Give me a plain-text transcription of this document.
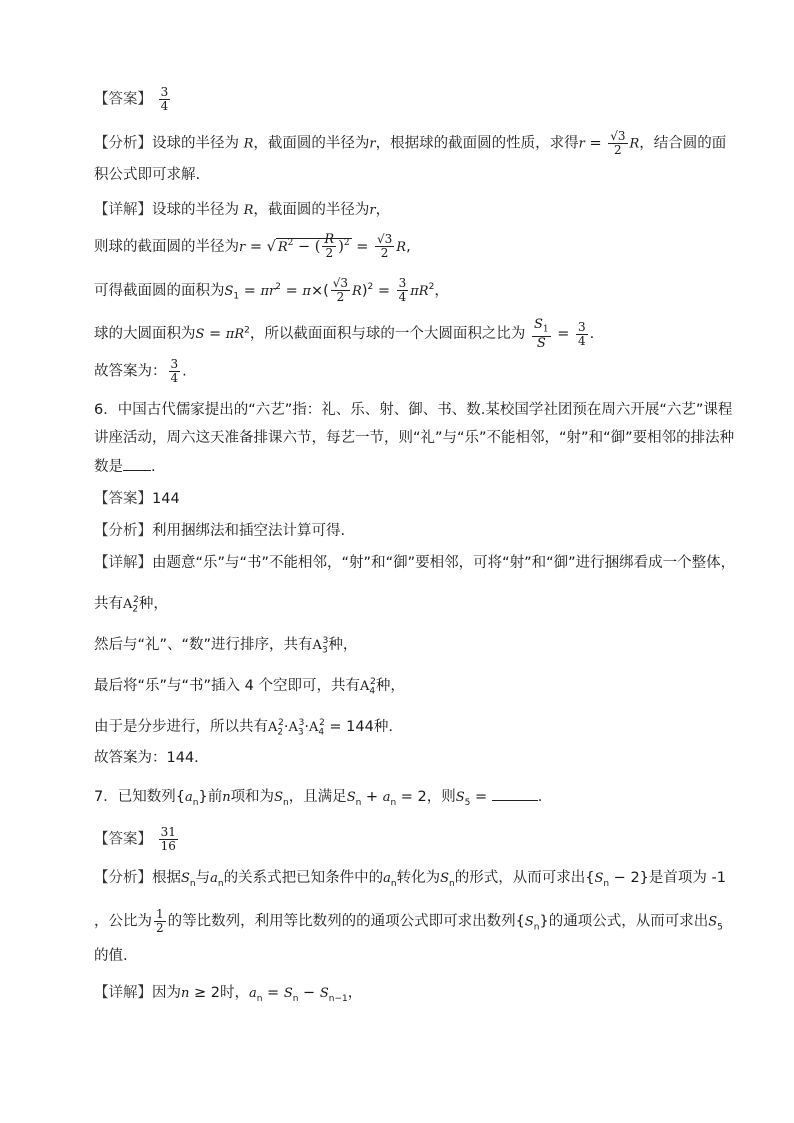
【答案】 $\frac{3}{4}$
【分析】设球的半径为 R，截面圆的半径为r，根据球的截面圆的性质，求得$r = \frac{√3}{2}$ R，结合圆的面
积公式即可求解.
【详解】设球的半径为 R，截面圆的半径为r，
则球的截面圆的半径为r = √ $R^2$ − ( $\frac{R}{2} )^2 = \frac{√3}{2} R$,
可得截面圆的面积为$S_1 = \pi r^2 = \pi\times( \frac{√3}{2} R)^2 = \frac{3}{4} \pi R^2$，
球的大圆面积为$S = \pi R^2$，所以截面面积与球的一个大圆面积之比为 $\frac{S_1}{S} = \frac{3}{4}$ .
故答案为： $\frac{3}{4}$ .
6．中国古代儒家提出的“六艺”指：礼、乐、射、御、书、数.某校国学社团预在周六开展“六艺”课程
讲座活动，周六这天准备排课六节，每艺一节，则“礼”与“乐”不能相邻，“射”和“御”要相邻的排法种
数是 .
【答案】144
【分析】利用捆绑法和插空法计算可得.
【详解】由题意“乐”与“书”不能相邻，“射”和“御”要相邻，可将“射”和“御”进行捆绑看成一个整体，
共有$A_2^2$种，
然后与“礼”、“数”进行排序，共有$A_3^3$种，
最后将“乐”与“书”插入 4 个空即可，共有$A_4^2$种，
由于是分步进行，所以共有$A_2^2\cdot A_3^3\cdot A_4^2 = 144$种.
故答案为：144.
7．已知数列$\{a_n\}$前n项和为$S_n$，且满足$S_n + a_n = 2$，则$S_5$ =	.
【答案】 $\frac{31}{16}$
【分析】根据$S_n$与$a_n$的关系式把已知条件中的$a_n$转化为$S_n$的形式，从而可求出$\{S_n - 2\}$是首项为 -1
，公比为 $\frac{1}{2}$ 的等比数列，利用等比数列的的通项公式即可求出数列$\{S_n\}$的通项公式，从而可求出$S_5$
的值.
【详解】因为n ≥ 2时，$a_n = S_n - S_{n-1}$，
